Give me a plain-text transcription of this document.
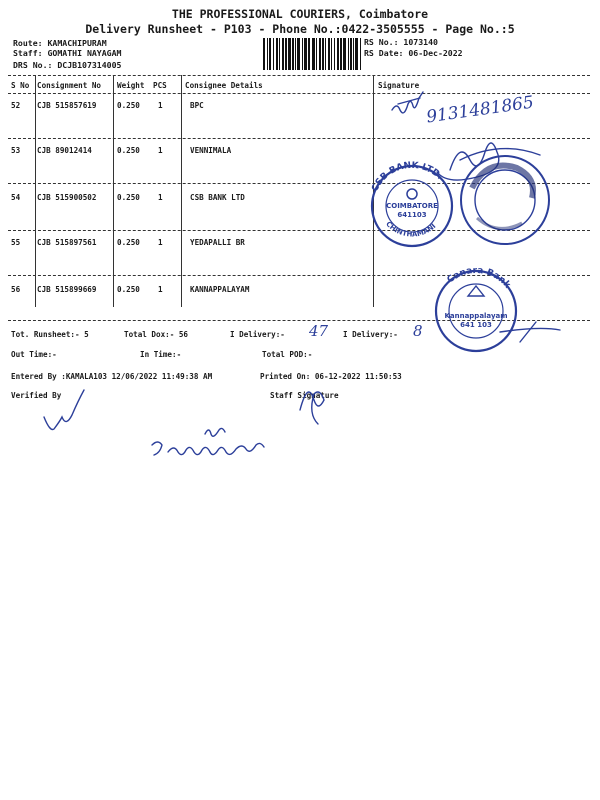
THE PROFESSIONAL COURIERS, Coimbatore
Delivery Runsheet - P103 - Phone No.:0422-3505555 - Page No.:5
Route: KAMACHIPURAM
Staff: GOMATHI NAYAGAM
DRS No.: DCJB107314005
RS No.: 1073140
RS Date: 06-Dec-2022
S No Consignment No Weight PCS Consignee Details	Signature
52 CJB 515857619	0.250 1	BPC
53 CJB 89012414	0.250 1	VENNIMALA
54 CJB 515900502	0.250 1	CSB BANK LTD
55 CJB 515897561	0.250 1	YEDAPALLI BR
56 CJB 515899669	0.250 1	KANNAPPALAYAM
Tot. Runsheet:- 5	Total Dox:- 56	I Delivery:-	I Delivery:-
Out Time:-	In Time:-	Total POD:-
Entered By :KAMALA103 12/06/2022 11:49:38 AM	Printed On: 06-12-2022 11:50:53
Verified By	Staff Signature
9131481865
47	8
CSB BANK LTD.
CHINTHAMANI
COIMBATORE
641103
Canara Bank
Kannappalayam
641 103
